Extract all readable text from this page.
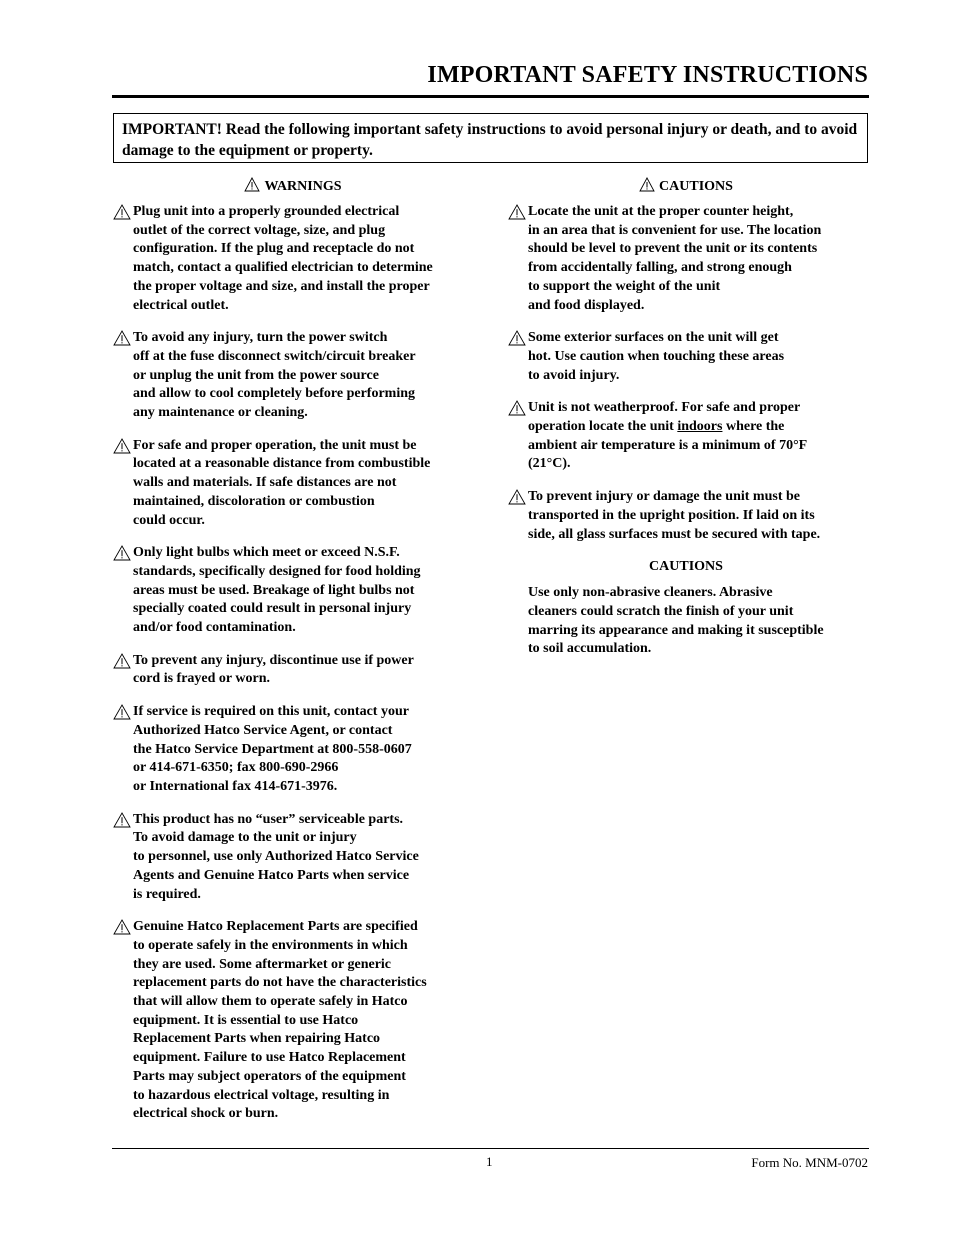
IMPORTANT SAFETY INSTRUCTIONS
IMPORTANT! Read the following important safety instructions to avoid personal injury or death, and to avoid damage to the equipment or property.
WARNINGS
Plug unit into a properly grounded electrical
outlet of the correct voltage, size, and plug
configuration. If the plug and receptacle do not
match, contact a qualified electrician to determine
the proper voltage and size, and install the proper
electrical outlet.
To avoid any injury, turn the power switch
off at the fuse disconnect switch/circuit breaker
or unplug the unit from the power source
and allow to cool completely before performing
any maintenance or cleaning.
For safe and proper operation, the unit must be
located at a reasonable distance from combustible
walls and materials. If safe distances are not
maintained, discoloration or combustion
could occur.
Only light bulbs which meet or exceed N.S.F.
standards, specifically designed for food holding
areas must be used. Breakage of light bulbs not
specially coated could result in personal injury
and/or food contamination.
To prevent any injury, discontinue use if power
cord is frayed or worn.
If service is required on this unit, contact your
Authorized Hatco Service Agent, or contact
the Hatco Service Department at 800-558-0607
or 414-671-6350; fax 800-690-2966
or International fax 414-671-3976.
This product has no “user” serviceable parts.
To avoid damage to the unit or injury
to personnel, use only Authorized Hatco Service
Agents and Genuine Hatco Parts when service
is required.
Genuine Hatco Replacement Parts are specified
to operate safely in the environments in which
they are used. Some aftermarket or generic
replacement parts do not have the characteristics
that will allow them to operate safely in Hatco
equipment. It is essential to use Hatco
Replacement Parts when repairing Hatco
equipment. Failure to use Hatco Replacement
Parts may subject operators of the equipment
to hazardous electrical voltage, resulting in
electrical shock or burn.
CAUTIONS
Locate the unit at the proper counter height,
in an area that is convenient for use. The location
should be level to prevent the unit or its contents
from accidentally falling, and strong enough
to support the weight of the unit
and food displayed.
Some exterior surfaces on the unit will get
hot. Use caution when touching these areas
to avoid injury.
Unit is not weatherproof. For safe and proper
operation locate the unit indoors where the
ambient air temperature is a minimum of 70°F
(21°C).
To prevent injury or damage the unit must be
transported in the upright position. If laid on its
side, all glass surfaces must be secured with tape.
CAUTIONS
Use only non-abrasive cleaners. Abrasive
cleaners could scratch the finish of your unit
marring its appearance and making it susceptible
to soil accumulation.
1	Form No. MNM-0702
